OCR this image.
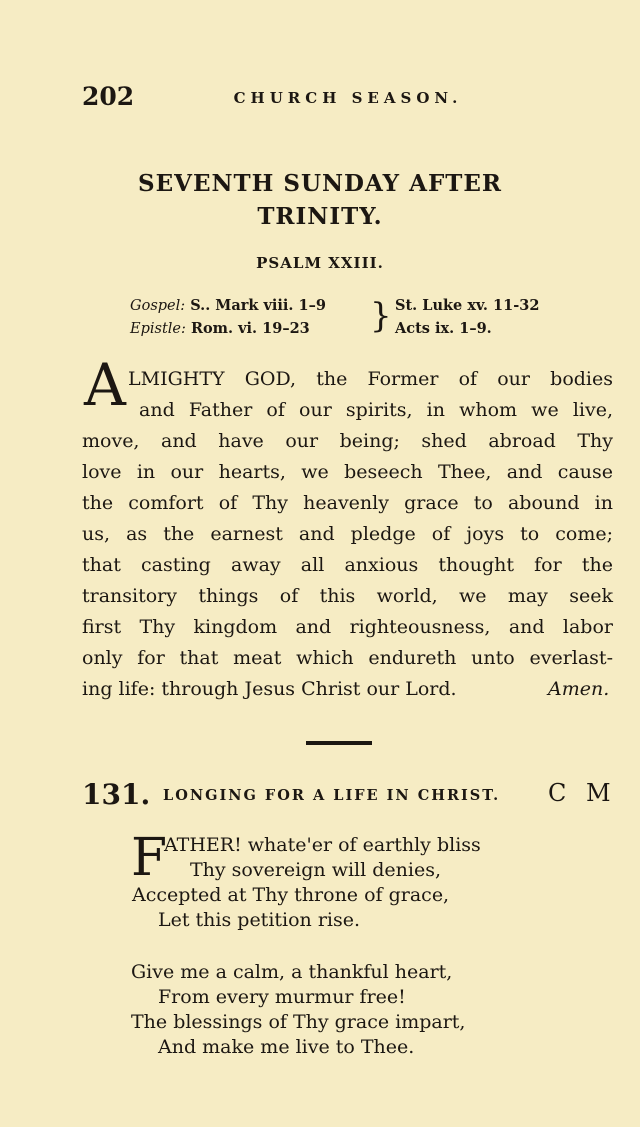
202	CHURCH SEASON.
SEVENTH SUNDAY AFTER
TRINITY.
PSALM XXIII.
Gospel: S.. Mark viii. 1–9
Epistle: Rom. vi. 19–23 } St. Luke xv. 11-32
Acts ix. 1–9.
A LMIGHTY GOD, the Former of our bodies
and Father of our spirits, in whom we live,
move, and have our being; shed abroad Thy
love in our hearts, we beseech Thee, and cause
the comfort of Thy heavenly grace to abound in
us, as the earnest and pledge of joys to come;
that casting away all anxious thought for the
transitory things of this world, we may seek
first Thy kingdom and righteousness, and labor
only for that meat which endureth unto everlast-
ing life: through Jesus Christ our Lord.	Amen.
131. LONGING FOR A LIFE IN CHRIST. C M
F
ATHER! whate'er of earthly bliss
Thy sovereign will denies,
Accepted at Thy throne of grace,
Let this petition rise.
Give me a calm, a thankful heart,
From every murmur free!
The blessings of Thy grace impart,
And make me live to Thee.
